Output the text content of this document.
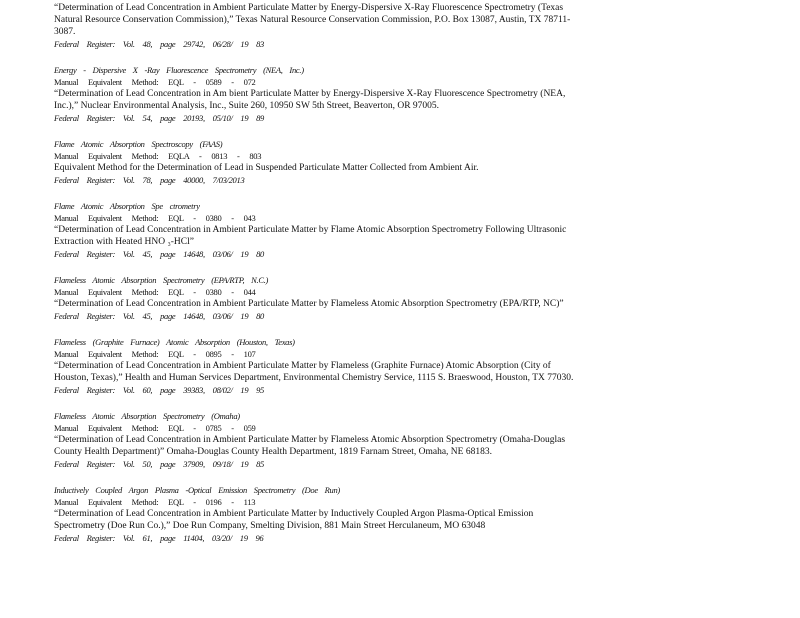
“Determination of Lead Concentration in Ambient Particulate Matter by Energy-Dispersive X-Ray Fluorescence Spectrometry (Texas Natural Resource Conservation Commission),” Texas Natural Resource Conservation Commission, P.O. Box 13087, Austin, TX 78711-3087.

Federal Register: Vol. 48, page 29742, 06/28/ 19 83
Energy - Dispersive X -Ray Fluorescence Spectrometry (NEA, Inc.)
Manual Equivalent Method: EQL - 0589 - 072

“Determination of Lead Concentration in Am bient Particulate Matter by Energy-Dispersive X-Ray Fluorescence Spectrometry (NEA, Inc.),” Nuclear Environmental Analysis, Inc., Suite 260, 10950 SW 5th Street, Beaverton, OR 97005.

Federal Register: Vol. 54, page 20193, 05/10/ 19 89
Flame Atomic Absorption Spectroscopy (FAAS)
Manual Equivalent Method: EQLA - 0813 - 803

Equivalent Method for the Determination of Lead in Suspended Particulate Matter Collected from Ambient Air.

Federal Register: Vol. 78, page 40000, 7/03/2013
Flame Atomic Absorption Spe ctrometry
Manual Equivalent Method: EQL - 0380 - 043

“Determination of Lead Concentration in Ambient Particulate Matter by Flame Atomic Absorption Spectrometry Following Ultrasonic Extraction with Heated HNO ₃-HCl”

Federal Register: Vol. 45, page 14648, 03/06/ 19 80
Flameless Atomic Absorption Spectrometry (EPA/RTP, N.C.)
Manual Equivalent Method: EQL - 0380 - 044

“Determination of Lead Concentration in Ambient Particulate Matter by Flameless Atomic Absorption Spectrometry (EPA/RTP, NC)”

Federal Register: Vol. 45, page 14648, 03/06/ 19 80
Flameless (Graphite Furnace) Atomic Absorption (Houston, Texas)
Manual Equivalent Method: EQL - 0895 - 107

“Determination of Lead Concentration in Ambient Particulate Matter by Flameless (Graphite Furnace) Atomic Absorption (City of Houston, Texas),” Health and Human Services Department, Environmental Chemistry Service, 1115 S. Braeswood, Houston, TX 77030.

Federal Register: Vol. 60, page 39383, 08/02/ 19 95
Flameless Atomic Absorption Spectrometry (Omaha)
Manual Equivalent Method: EQL - 0785 - 059

“Determination of Lead Concentration in Ambient Particulate Matter by Flameless Atomic Absorption Spectrometry (Omaha-Douglas County Health Department)” Omaha-Douglas County Health Department, 1819 Farnam Street, Omaha, NE 68183.

Federal Register: Vol. 50, page 37909, 09/18/ 19 85
Inductively Coupled Argon Plasma -Optical Emission Spectrometry (Doe Run)
Manual Equivalent Method: EQL - 0196 - 113

“Determination of Lead Concentration in Ambient Particulate Matter by Inductively Coupled Argon Plasma-Optical Emission Spectrometry (Doe Run Co.),” Doe Run Company, Smelting Division, 881 Main Street Herculaneum, MO 63048

Federal Register: Vol. 61, page 11404, 03/20/ 19 96
